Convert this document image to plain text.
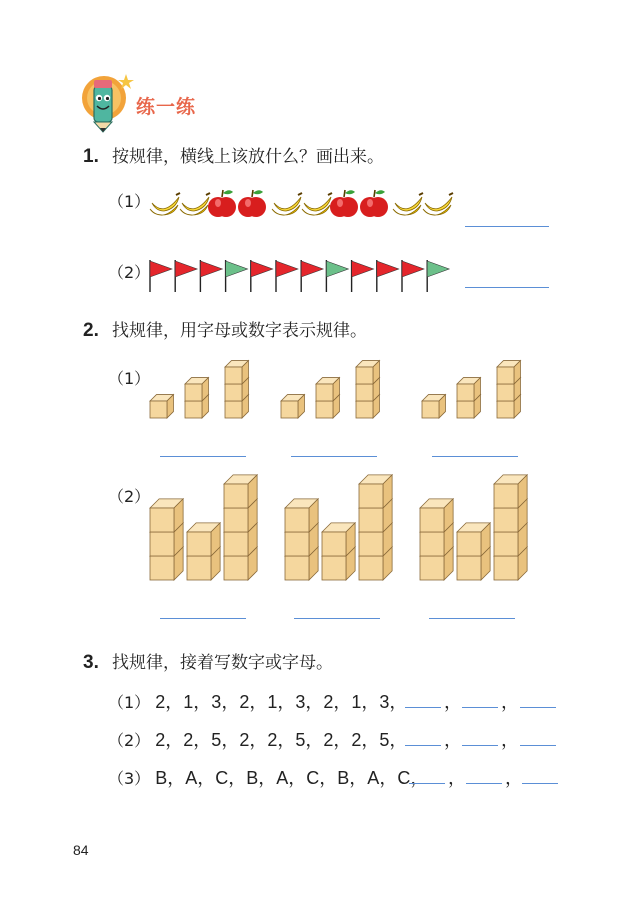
练一练
1. 按规律，横线上该放什么？画出来。
（1）
（2）
2. 找规律，用字母或数字表示规律。
（1）
（2）
3. 找规律，接着写数字或字母。
（1） 2，1，3，2，1，3，2，1，3，	， ，
（2） 2，2，5，2，2，5，2，2，5，	， ，
（3） B，A，C，B，A，C，B，A，C，	， ，
84
